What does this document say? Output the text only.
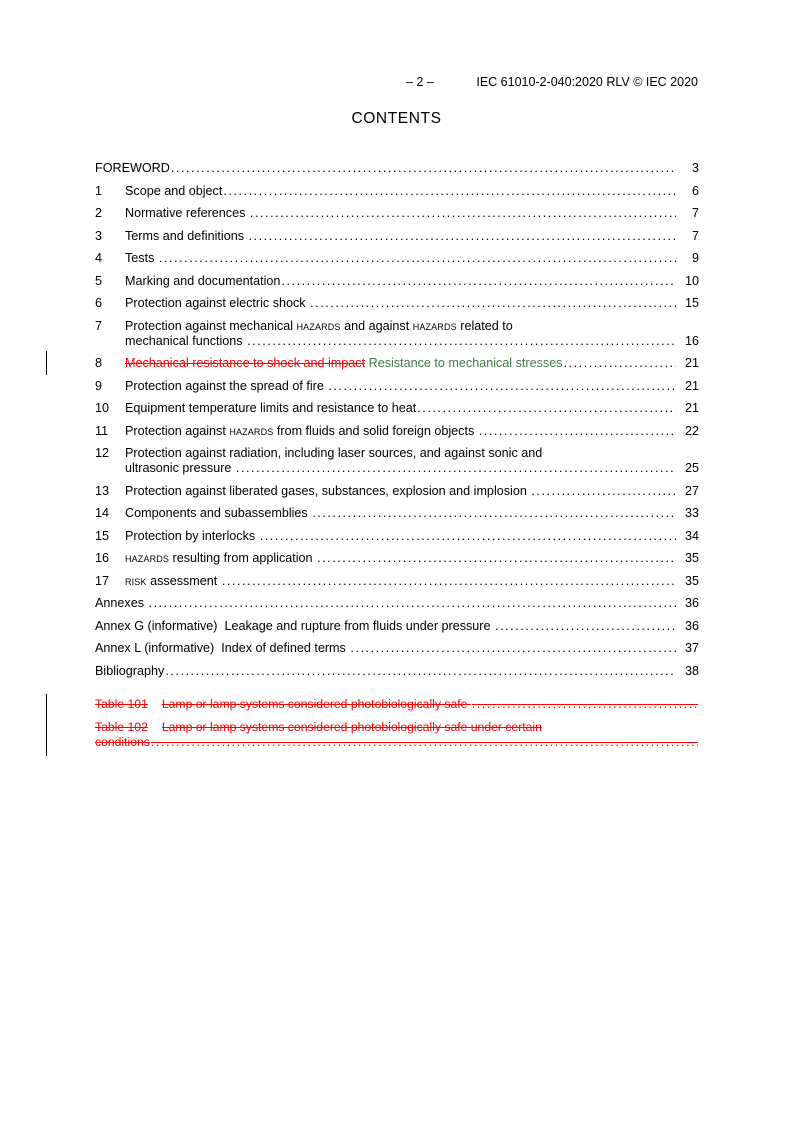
– 2 –	IEC 61010-2-040:2020 RLV © IEC 2020
CONTENTS
FOREWORD .....	3
1	Scope and object .....	6
2	Normative references .....	7
3	Terms and definitions .....	7
4	Tests .....	9
5	Marking and documentation .....	10
6	Protection against electric shock .....	15
7	Protection against mechanical hazards and against hazards related to
mechanical functions .....	16
8	Mechanical resistance to shock and impact Resistance to mechanical stresses .....	21
9	Protection against the spread of fire .....	21
10	Equipment temperature limits and resistance to heat .....	21
11	Protection against hazards from fluids and solid foreign objects .....	22
12	Protection against radiation, including laser sources, and against sonic and
ultrasonic pressure .....	25
13	Protection against liberated gases, substances, explosion and implosion .....	27
14	Components and subassemblies .....	33
15	Protection by interlocks .....	34
16	hazards resulting from application .....	35
17	risk assessment .....	35
Annexes .....	36
Annex G (informative)  Leakage and rupture from fluids under pressure .....	36
Annex L (informative)  Index of defined terms .....	37
Bibliography .....	38
Table 101 Lamp or lamp systems considered photobiologically safe
.....
Table 102 Lamp or lamp systems considered photobiologically safe under certain
conditions
.....
